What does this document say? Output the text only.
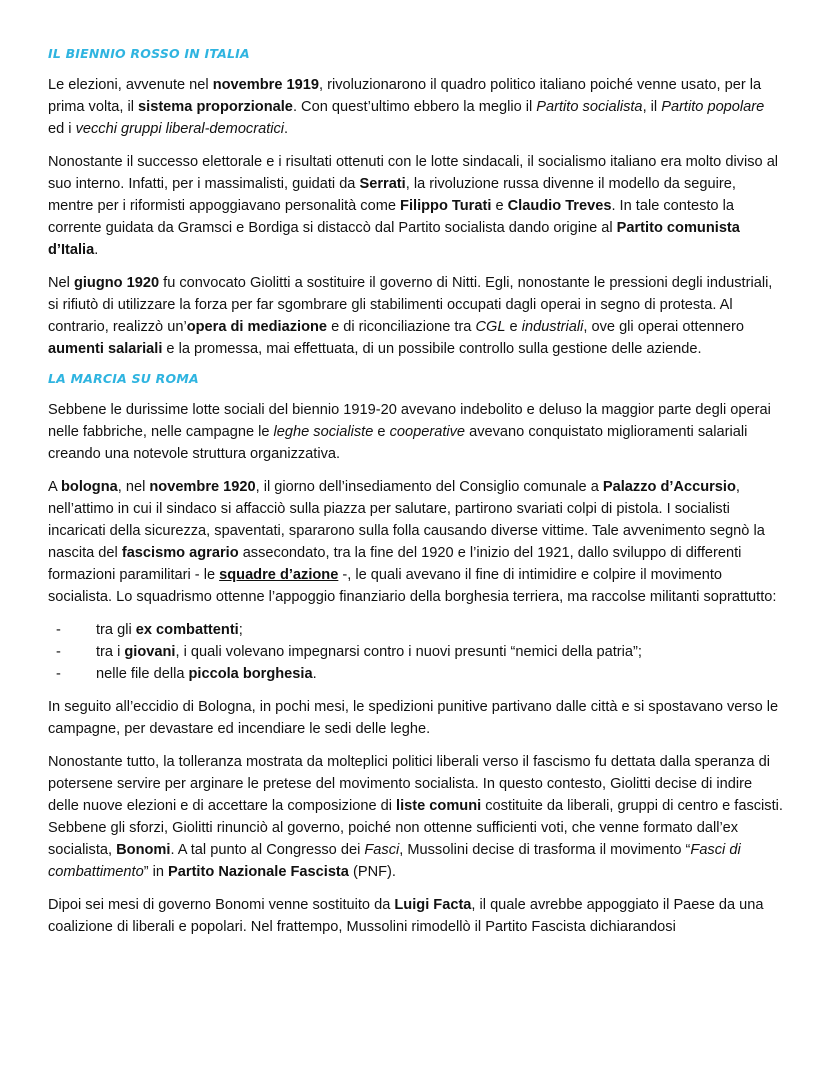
IL BIENNIO ROSSO IN ITALIA

Le elezioni, avvenute nel novembre 1919, rivoluzionarono il quadro politico italiano poiché venne usato, per la prima volta, il sistema proporzionale. Con quest’ultimo ebbero la meglio il Partito socialista, il Partito popolare ed i vecchi gruppi liberal-democratici.

Nonostante il successo elettorale e i risultati ottenuti con le lotte sindacali, il socialismo italiano era molto diviso al suo interno. Infatti, per i massimalisti, guidati da Serrati, la rivoluzione russa divenne il modello da seguire, mentre per i riformisti appoggiavano personalità come Filippo Turati e Claudio Treves. In tale contesto la corrente guidata da Gramsci e Bordiga si distaccò dal Partito socialista dando origine al Partito comunista d’Italia.

Nel giugno 1920 fu convocato Giolitti a sostituire il governo di Nitti. Egli, nonostante le pressioni degli industriali, si rifiutò di utilizzare la forza per far sgombrare gli stabilimenti occupati dagli operai in segno di protesta. Al contrario, realizzò un’opera di mediazione e di riconciliazione tra CGL e industriali, ove gli operai ottennero aumenti salariali e la promessa, mai effettuata, di un possibile controllo sulla gestione delle aziende.

LA MARCIA SU ROMA

Sebbene le durissime lotte sociali del biennio 1919-20 avevano indebolito e deluso la maggior parte degli operai nelle fabbriche, nelle campagne le leghe socialiste e cooperative avevano conquistato miglioramenti salariali creando una notevole struttura organizzativa.

A bologna, nel novembre 1920, il giorno dell’insediamento del Consiglio comunale a Palazzo d’Accursio, nell’attimo in cui il sindaco si affacciò sulla piazza per salutare, partirono svariati colpi di pistola. I socialisti incaricati della sicurezza, spaventati, spararono sulla folla causando diverse vittime. Tale avvenimento segnò la nascita del fascismo agrario assecondato, tra la fine del 1920 e l’inizio del 1921, dallo sviluppo di differenti formazioni paramilitari - le squadre d’azione -, le quali avevano il fine di intimidire e colpire il movimento socialista. Lo squadrismo ottenne l’appoggio finanziario della borghesia terriera, ma raccolse militanti soprattutto:

- tra gli ex combattenti;
- tra i giovani, i quali volevano impegnarsi contro i nuovi presunti “nemici della patria”;
- nelle file della piccola borghesia.

In seguito all’eccidio di Bologna, in pochi mesi, le spedizioni punitive partivano dalle città e si spostavano verso le campagne, per devastare ed incendiare le sedi delle leghe.

Nonostante tutto, la tolleranza mostrata da molteplici politici liberali verso il fascismo fu dettata dalla speranza di potersene servire per arginare le pretese del movimento socialista. In questo contesto, Giolitti decise di indire delle nuove elezioni e di accettare la composizione di liste comuni costituite da liberali, gruppi di centro e fascisti. Sebbene gli sforzi, Giolitti rinunciò al governo, poiché non ottenne sufficienti voti, che venne formato dall’ex socialista, Bonomi. A tal punto al Congresso dei Fasci, Mussolini decise di trasforma il movimento “Fasci di combattimento” in Partito Nazionale Fascista (PNF).

Dipoi sei mesi di governo Bonomi venne sostituito da Luigi Facta, il quale avrebbe appoggiato il Paese da una coalizione di liberali e popolari. Nel frattempo, Mussolini rimodellò il Partito Fascista dichiarandosi
